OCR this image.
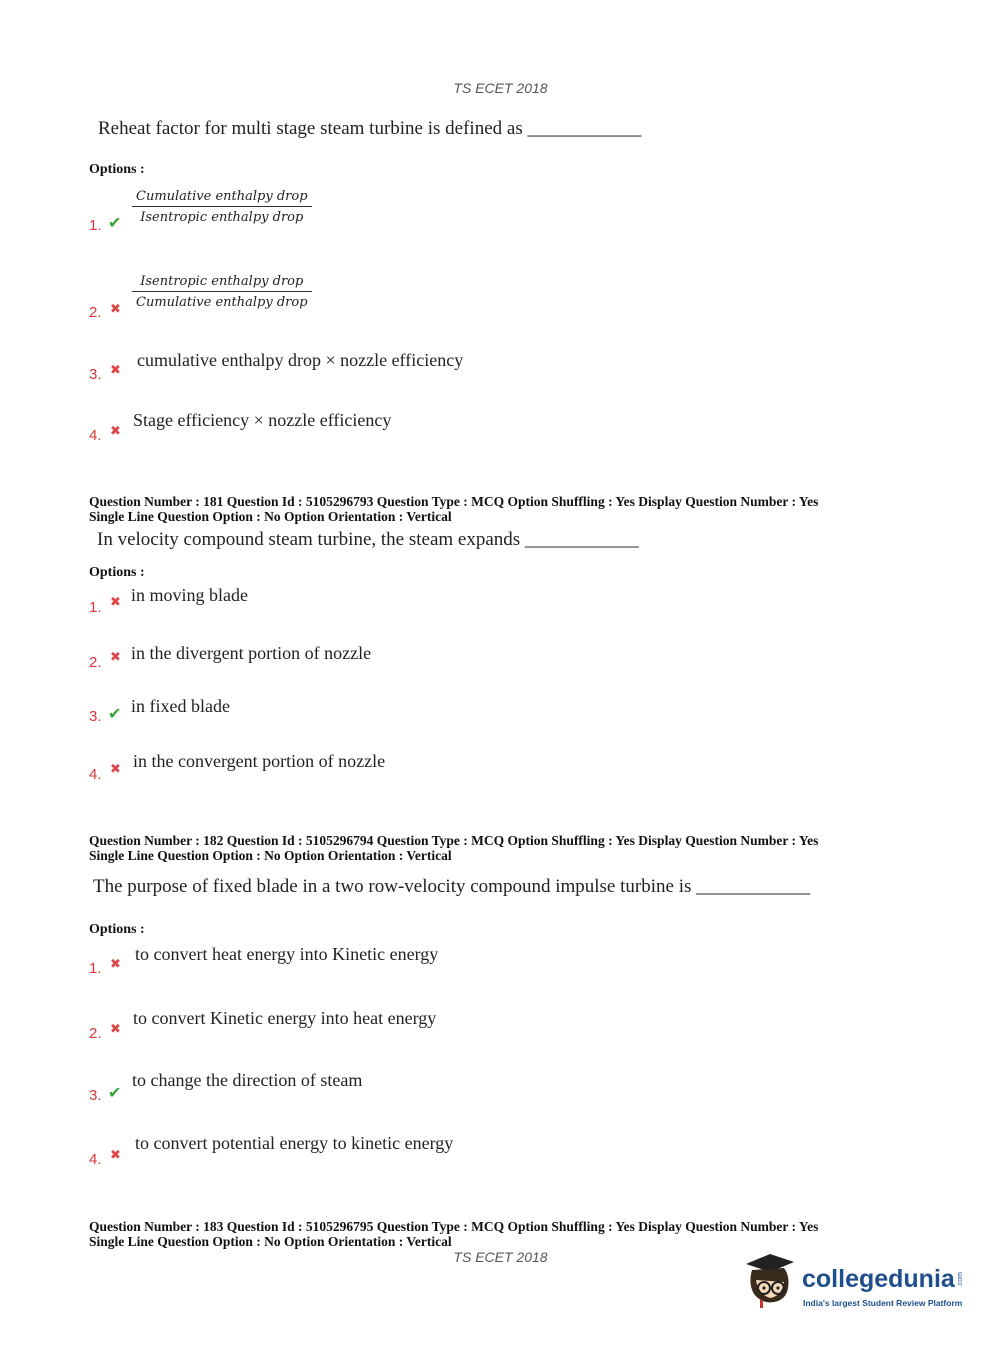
TS ECET 2018
Reheat factor for multi stage steam turbine is defined as ____________
Options :
1. ✔
Cumulative enthalpy drop
Isentropic enthalpy drop
2. ✖
Isentropic enthalpy drop
Cumulative enthalpy drop
3. ✖
cumulative enthalpy drop × nozzle efficiency
4. ✖
Stage efficiency × nozzle efficiency
Question Number : 181 Question Id : 5105296793 Question Type : MCQ Option Shuffling : Yes Display Question Number : Yes
Single Line Question Option : No Option Orientation : Vertical
In velocity compound steam turbine, the steam expands ____________
Options :
1. ✖ in moving blade
2. ✖ in the divergent portion of nozzle
3. ✔ in fixed blade
4. ✖ in the convergent portion of nozzle
Question Number : 182 Question Id : 5105296794 Question Type : MCQ Option Shuffling : Yes Display Question Number : Yes
Single Line Question Option : No Option Orientation : Vertical
The purpose of fixed blade in a two row-velocity compound impulse turbine is ____________
Options :
1. ✖
to convert heat energy into Kinetic energy
2. ✖
to convert Kinetic energy into heat energy
3. ✔
to change the direction of steam
4. ✖
to convert potential energy to kinetic energy
Question Number : 183 Question Id : 5105296795 Question Type : MCQ Option Shuffling : Yes Display Question Number : Yes
Single Line Question Option : No Option Orientation : Vertical
TS ECET 2018
collegedunia .com
India's largest Student Review Platform
